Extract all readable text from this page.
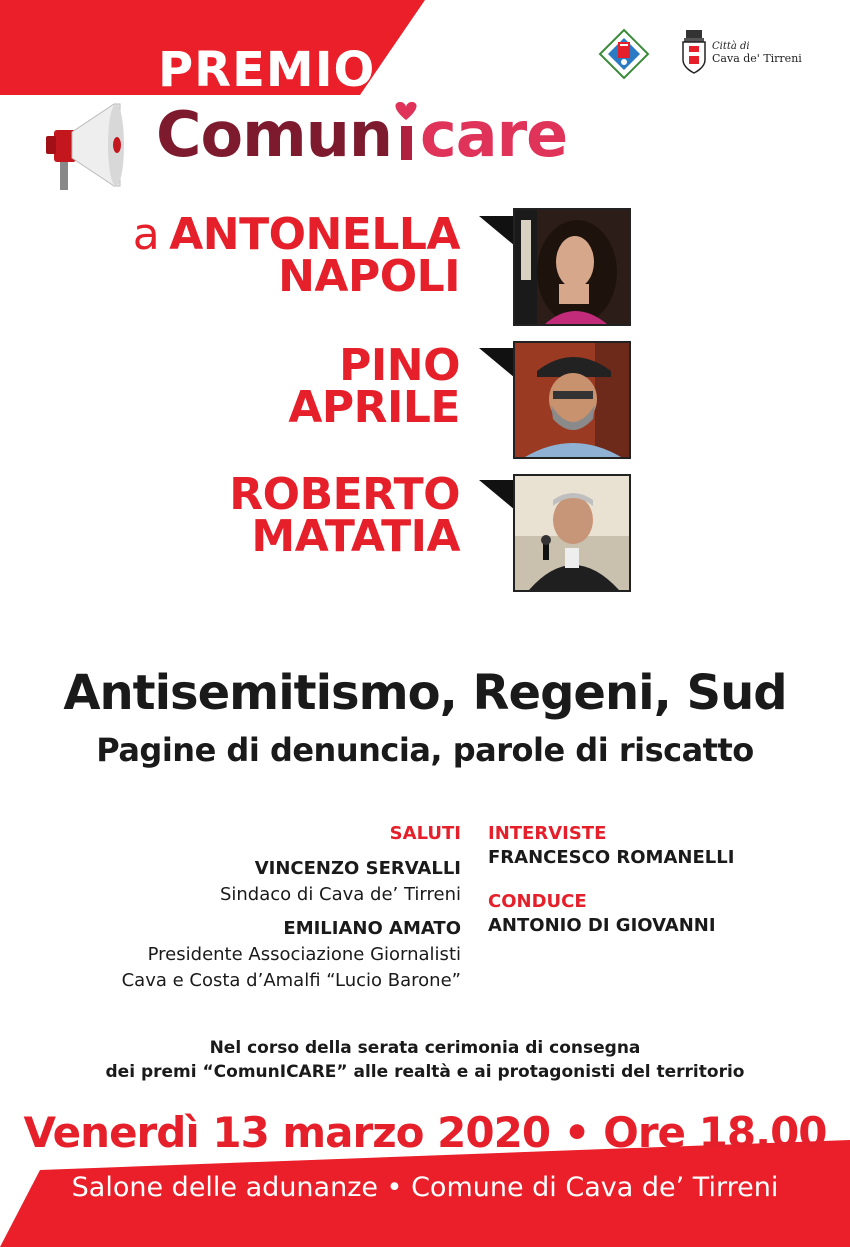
PREMIO
Comun care
Città di
Cava de' Tirreni
a ANTONELLA
NAPOLI
PINO
APRILE
ROBERTO
MATATIA
Antisemitismo, Regeni, Sud
Pagine di denuncia, parole di riscatto
SALUTI
VINCENZO SERVALLI
Sindaco di Cava de’ Tirreni
EMILIANO AMATO
Presidente Associazione Giornalisti
Cava e Costa d’Amalfi “Lucio Barone”
INTERVISTE
FRANCESCO ROMANELLI
CONDUCE
ANTONIO DI GIOVANNI
Nel corso della serata cerimonia di consegna
dei premi “ComunICARE” alle realtà e ai protagonisti del territorio
Venerdì 13 marzo 2020 • Ore 18.00
Salone delle adunanze • Comune di Cava de’ Tirreni
